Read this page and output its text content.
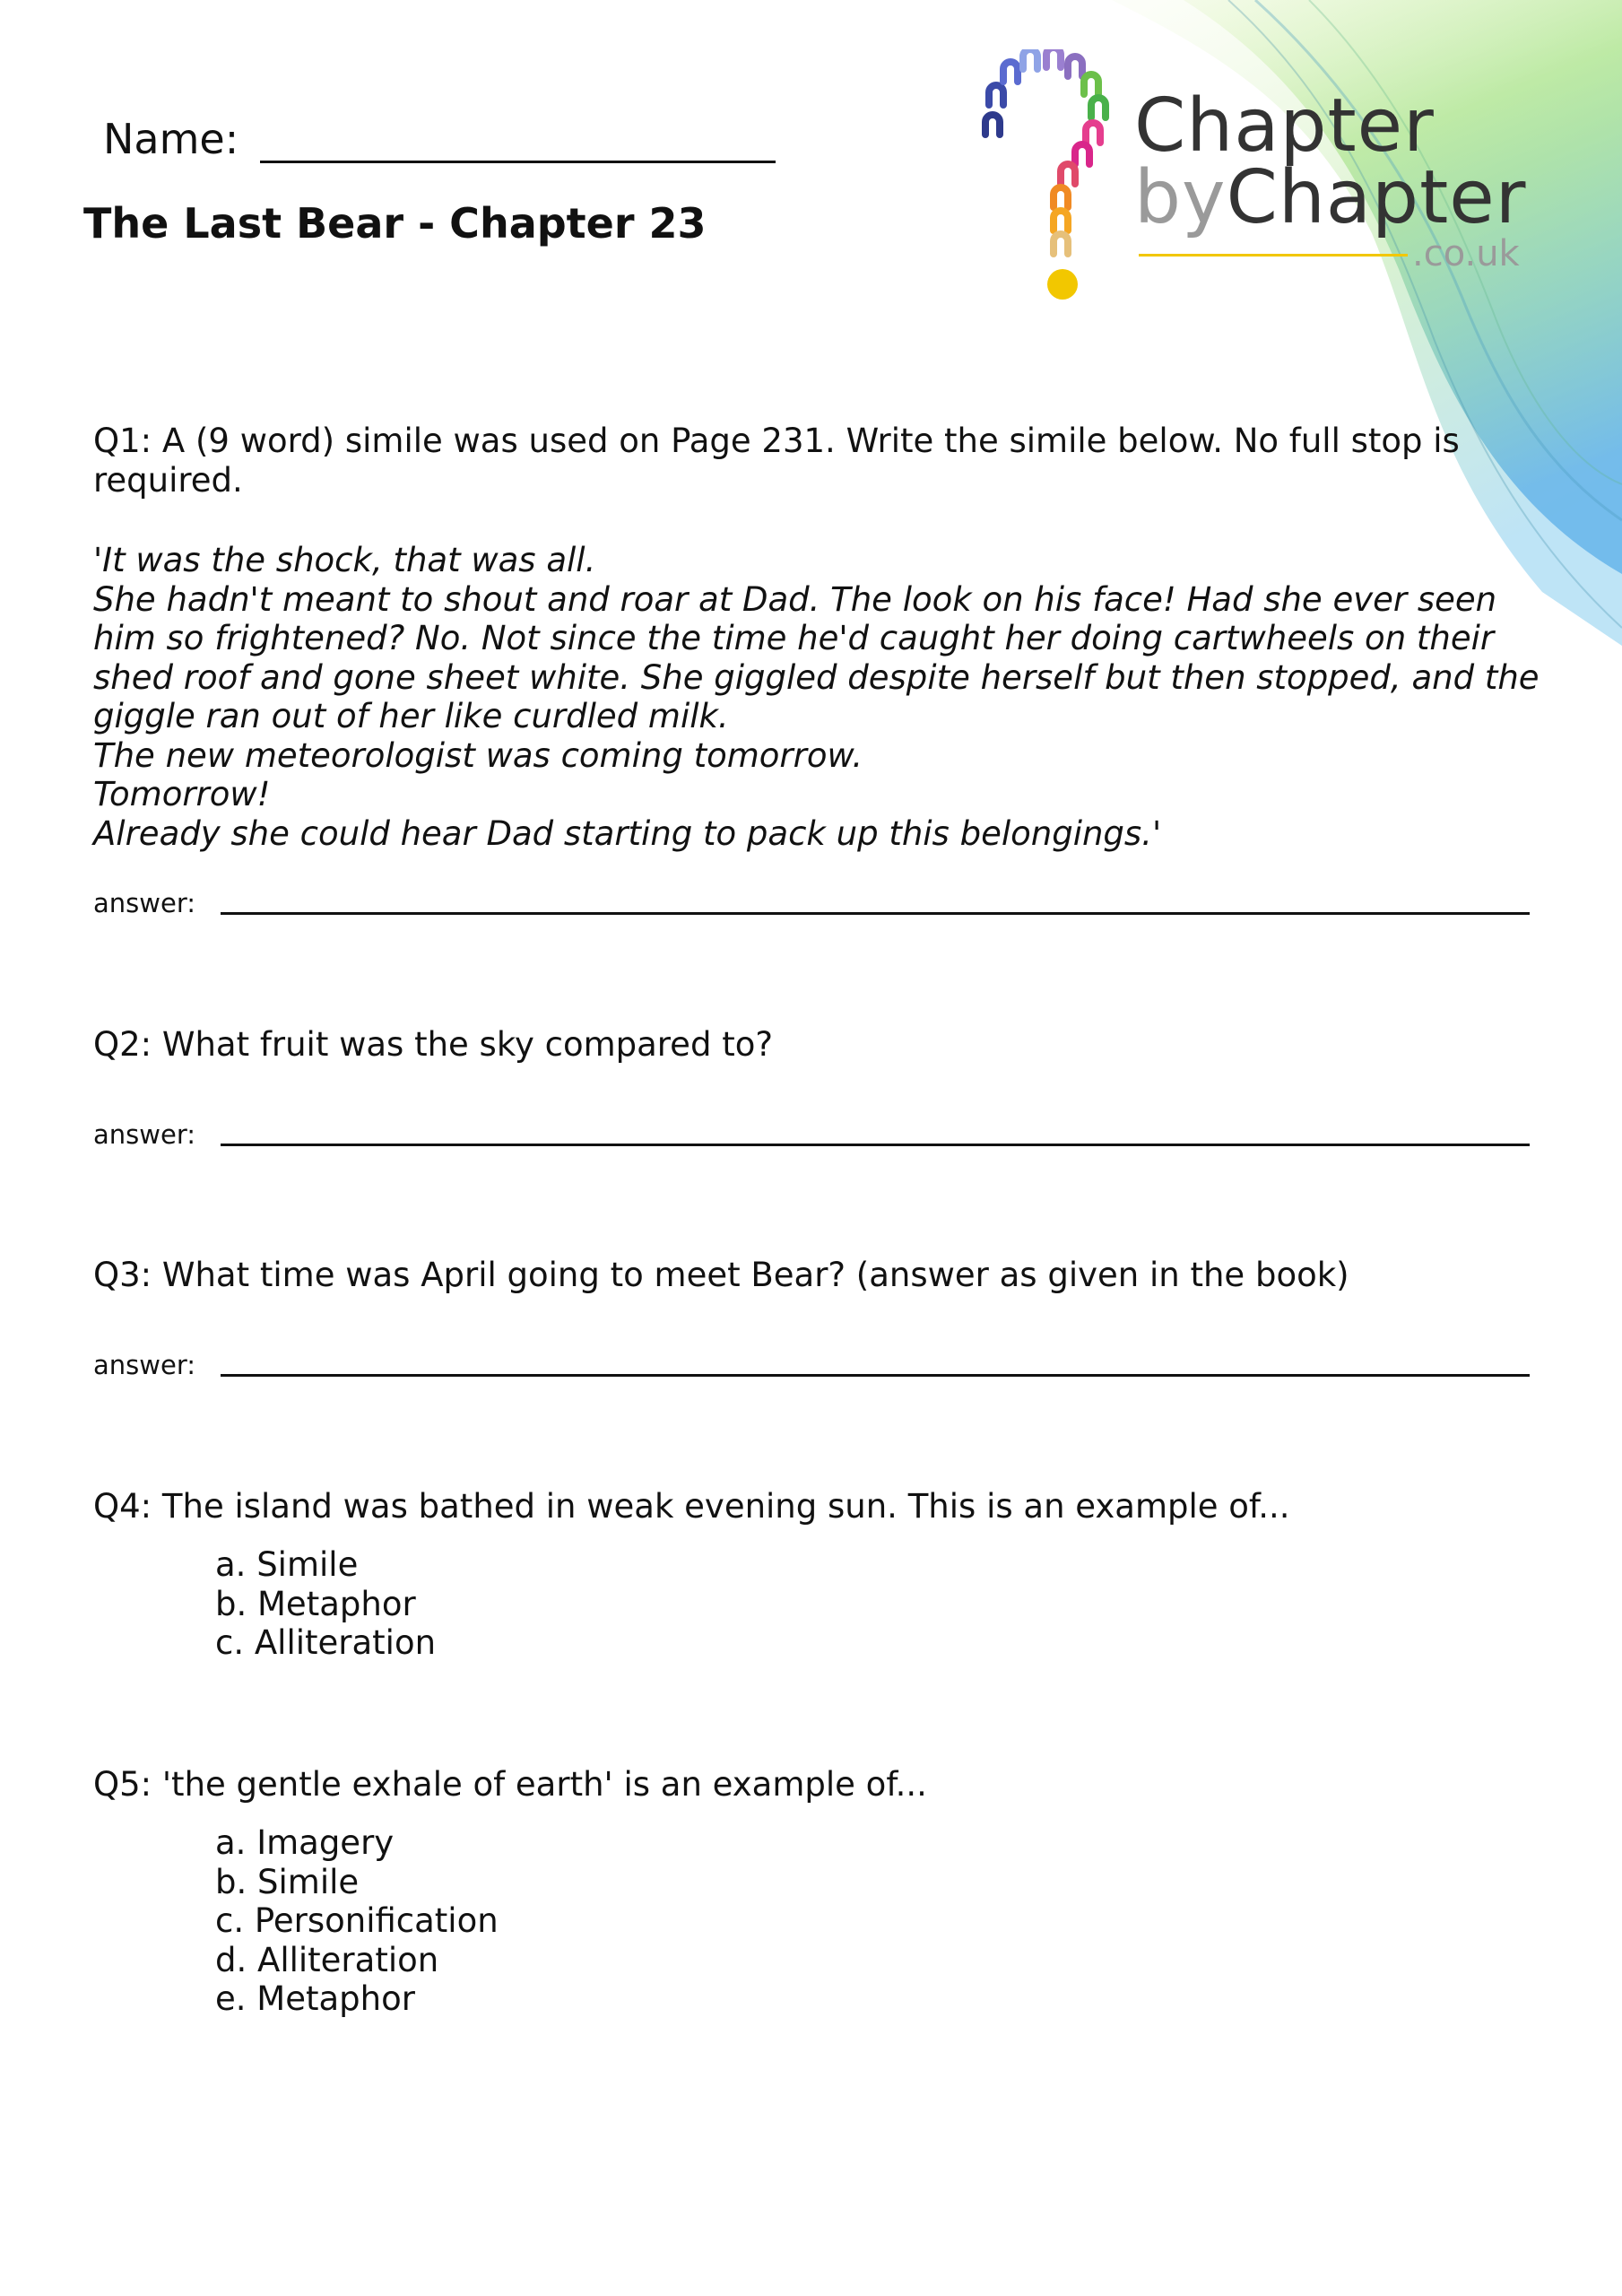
Name:
The Last Bear - Chapter 23
Chapter
byChapter
.co.uk
Q1: A (9 word) simile was used on Page 231. Write the simile below. No full stop is required.
'It was the shock, that was all.
She hadn't meant to shout and roar at Dad. The look on his face! Had she ever seen
him so frightened? No. Not since the time he'd caught her doing cartwheels on their
shed roof and gone sheet white. She giggled despite herself but then stopped, and the
giggle ran out of her like curdled milk.
The new meteorologist was coming tomorrow.
Tomorrow!
Already she could hear Dad starting to pack up this belongings.'
answer:
Q2: What fruit was the sky compared to?
answer:
Q3: What time was April going to meet Bear? (answer as given in the book)
answer:
Q4: The island was bathed in weak evening sun. This is an example of...
a. Simile
b. Metaphor
c. Alliteration
Q5: 'the gentle exhale of earth' is an example of...
a. Imagery
b. Simile
c. Personification
d. Alliteration
e. Metaphor
